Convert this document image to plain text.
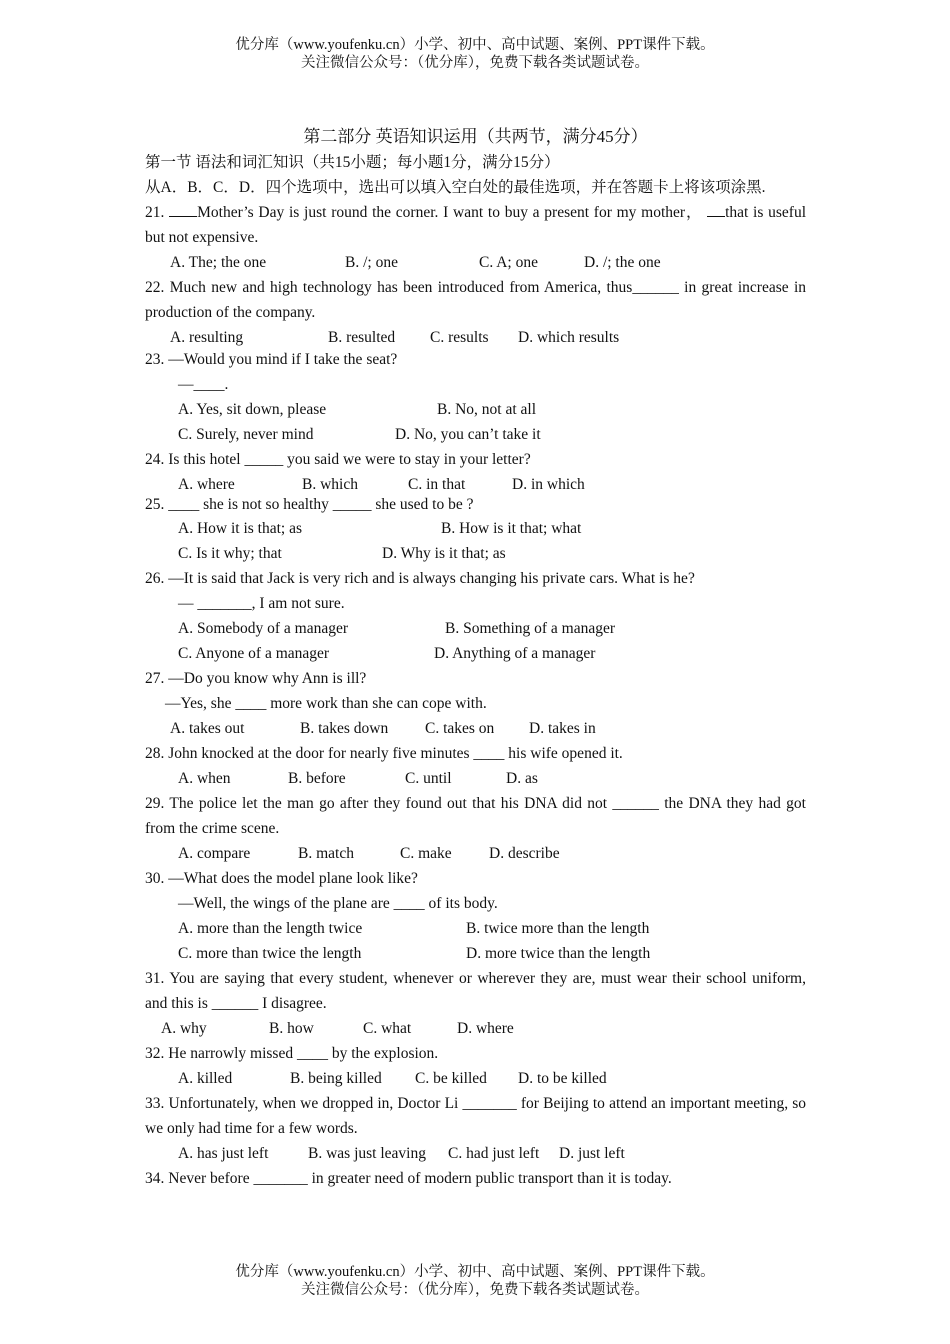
优分库（www.youfenku.cn）小学、初中、高中试题、案例、PPT课件下载。
关注微信公众号：（优分库），免费下载各类试题试卷。
第二部分 英语知识运用（共两节，满分45分）
第一节 语法和词汇知识（共15小题；每小题1分，满分15分）
从A．B．C．D．四个选项中，选出可以填入空白处的最佳选项，并在答题卡上将该项涂黑.
21. Mother’s Day is just round the corner. I want to buy a present for my mother， that is useful but not expensive.
A. The; the one	B. /; one	C. A; one	D. /; the one
22. Much new and high technology has been introduced from America, thus______ in great increase in production of the company.
A. resulting	B. resulted C. results D. which results
23. —Would you mind if I take the seat?
—____.
A. Yes, sit down, please	B. No, not at all
C. Surely, never mind	D. No, you can’t take it
24. Is this hotel _____ you said we were to stay in your letter?
A. where	B. which	C. in that	D. in which
25. ____ she is not so healthy _____ she used to be ?
A. How it is that; as	B. How is it that; what
C. Is it why; that	D. Why is it that; as
26. —It is said that Jack is very rich and is always changing his private cars. What is he?
— _______, I am not sure.
A. Somebody of a manager	B. Something of a manager
C. Anyone of a manager	D. Anything of a manager
27. —Do you know why Ann is ill?
—Yes, she ____ more work than she can cope with.
A. takes out	B. takes down C. takes on D. takes in
28. John knocked at the door for nearly five minutes ____ his wife opened it.
A. when	B. before	C. until	D. as
29. The police let the man go after they found out that his DNA did not ______ the DNA they had got from the crime scene.
A. compare	B. match	C. make D. describe
30. —What does the model plane look like?
—Well, the wings of the plane are ____ of its body.
A. more than the length twice	B. twice more than the length
C. more than twice the length	D. more twice than the length
31. You are saying that every student, whenever or wherever they are, must wear their school uniform, and this is ______ I disagree.
A. why	B. how	C. what	D. where
32. He narrowly missed ____ by the explosion.
A. killed	B. being killed C. be killed D. to be killed
33. Unfortunately, when we dropped in, Doctor Li _______ for Beijing to attend an important meeting, so we only had time for a few words.
A. has just left	B. was just leaving C. had just left D. just left
34. Never before _______ in greater need of modern public transport than it is today.
优分库（www.youfenku.cn）小学、初中、高中试题、案例、PPT课件下载。
关注微信公众号：（优分库），免费下载各类试题试卷。
